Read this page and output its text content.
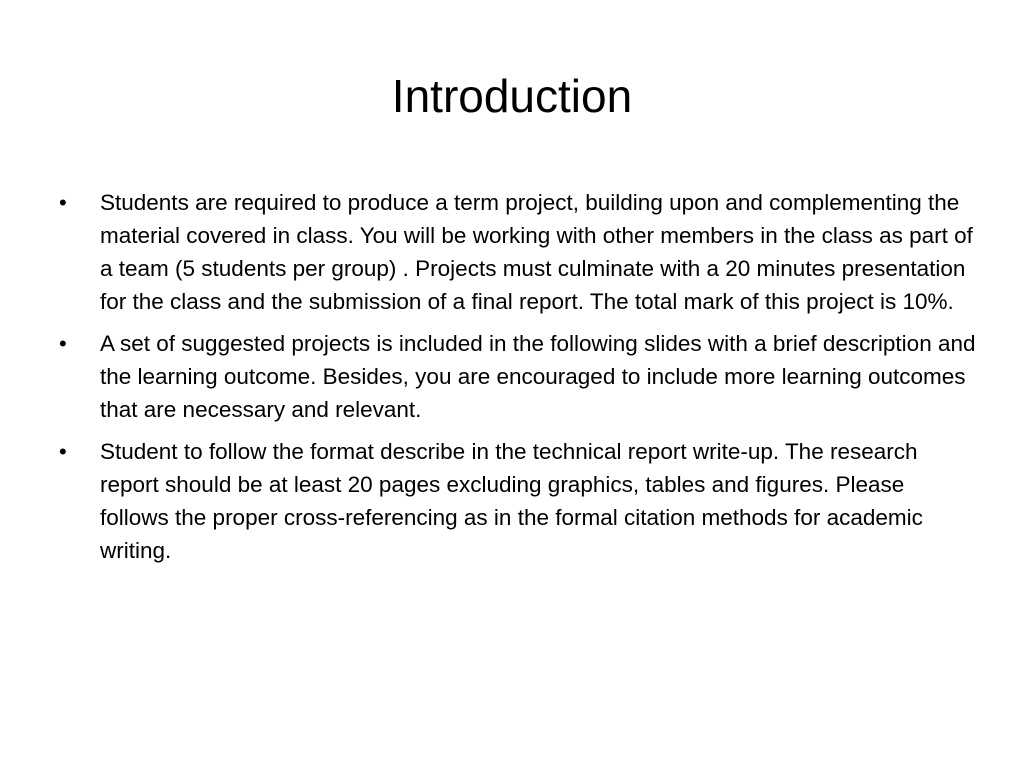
Introduction
• Students are required to produce a term project, building upon and complementing the material covered in class. You will be working with other members in the class as part of a team (5 students per group) . Projects must culminate with a 20 minutes presentation for the class and the submission of a final report. The total mark of this project is 10%.
• A set of suggested projects is included in the following slides with a brief description and the learning outcome. Besides, you are encouraged to include more learning outcomes that are necessary and relevant.
• Student to follow the format describe in the technical report write-up. The research report should be at least 20 pages excluding graphics, tables and figures. Please follows the proper cross-referencing as in the formal citation methods for academic writing.
